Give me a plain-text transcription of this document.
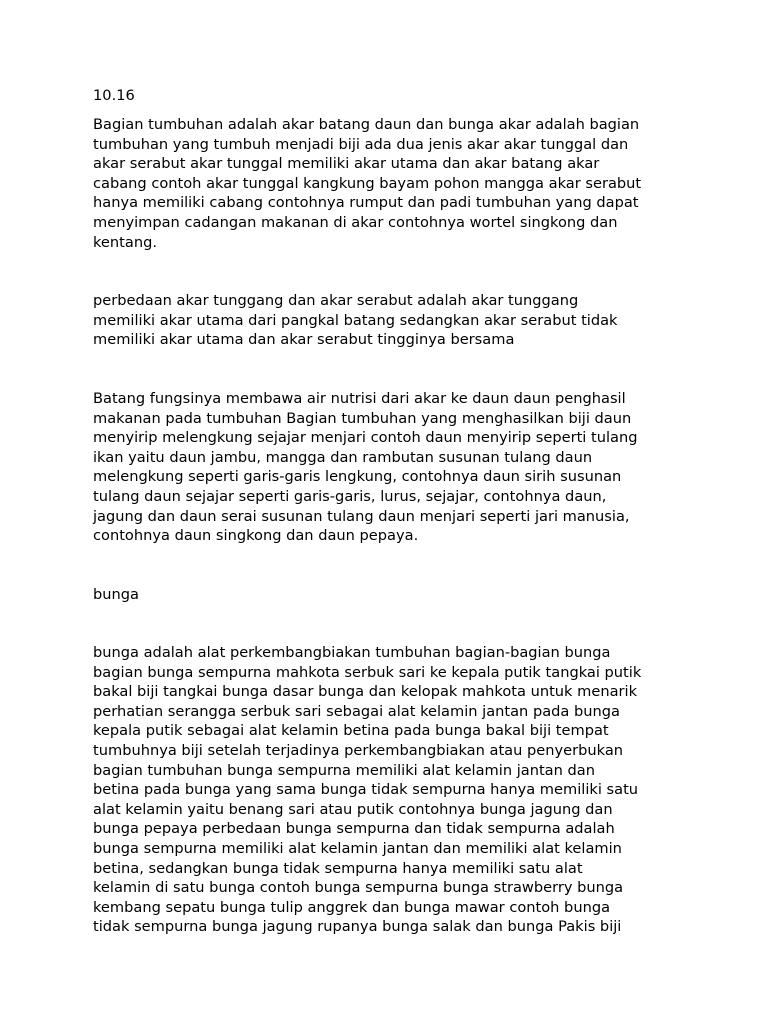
10.16

Bagian tumbuhan adalah akar batang daun dan bunga akar adalah bagian
tumbuhan yang tumbuh menjadi biji ada dua jenis akar akar tunggal dan
akar serabut akar tunggal memiliki akar utama dan akar batang akar
cabang contoh akar tunggal kangkung bayam pohon mangga akar serabut
hanya memiliki cabang contohnya rumput dan padi tumbuhan yang dapat
menyimpan cadangan makanan di akar contohnya wortel singkong dan
kentang.

perbedaan akar tunggang dan akar serabut adalah akar tunggang
memiliki akar utama dari pangkal batang sedangkan akar serabut tidak
memiliki akar utama dan akar serabut tingginya bersama

Batang fungsinya membawa air nutrisi dari akar ke daun daun penghasil
makanan pada tumbuhan Bagian tumbuhan yang menghasilkan biji daun
menyirip melengkung sejajar menjari contoh daun menyirip seperti tulang
ikan yaitu daun jambu, mangga dan rambutan susunan tulang daun
melengkung seperti garis-garis lengkung, contohnya daun sirih susunan
tulang daun sejajar seperti garis-garis, lurus, sejajar, contohnya daun,
jagung dan daun serai susunan tulang daun menjari seperti jari manusia,
contohnya daun singkong dan daun pepaya.

bunga

bunga adalah alat perkembangbiakan tumbuhan bagian-bagian bunga
bagian bunga sempurna mahkota serbuk sari ke kepala putik tangkai putik
bakal biji tangkai bunga dasar bunga dan kelopak mahkota untuk menarik
perhatian serangga serbuk sari sebagai alat kelamin jantan pada bunga
kepala putik sebagai alat kelamin betina pada bunga bakal biji tempat
tumbuhnya biji setelah terjadinya perkembangbiakan atau penyerbukan
bagian tumbuhan bunga sempurna memiliki alat kelamin jantan dan
betina pada bunga yang sama bunga tidak sempurna hanya memiliki satu
alat kelamin yaitu benang sari atau putik contohnya bunga jagung dan
bunga pepaya perbedaan bunga sempurna dan tidak sempurna adalah
bunga sempurna memiliki alat kelamin jantan dan memiliki alat kelamin
betina, sedangkan bunga tidak sempurna hanya memiliki satu alat
kelamin di satu bunga contoh bunga sempurna bunga strawberry bunga
kembang sepatu bunga tulip anggrek dan bunga mawar contoh bunga
tidak sempurna bunga jagung rupanya bunga salak dan bunga Pakis biji
